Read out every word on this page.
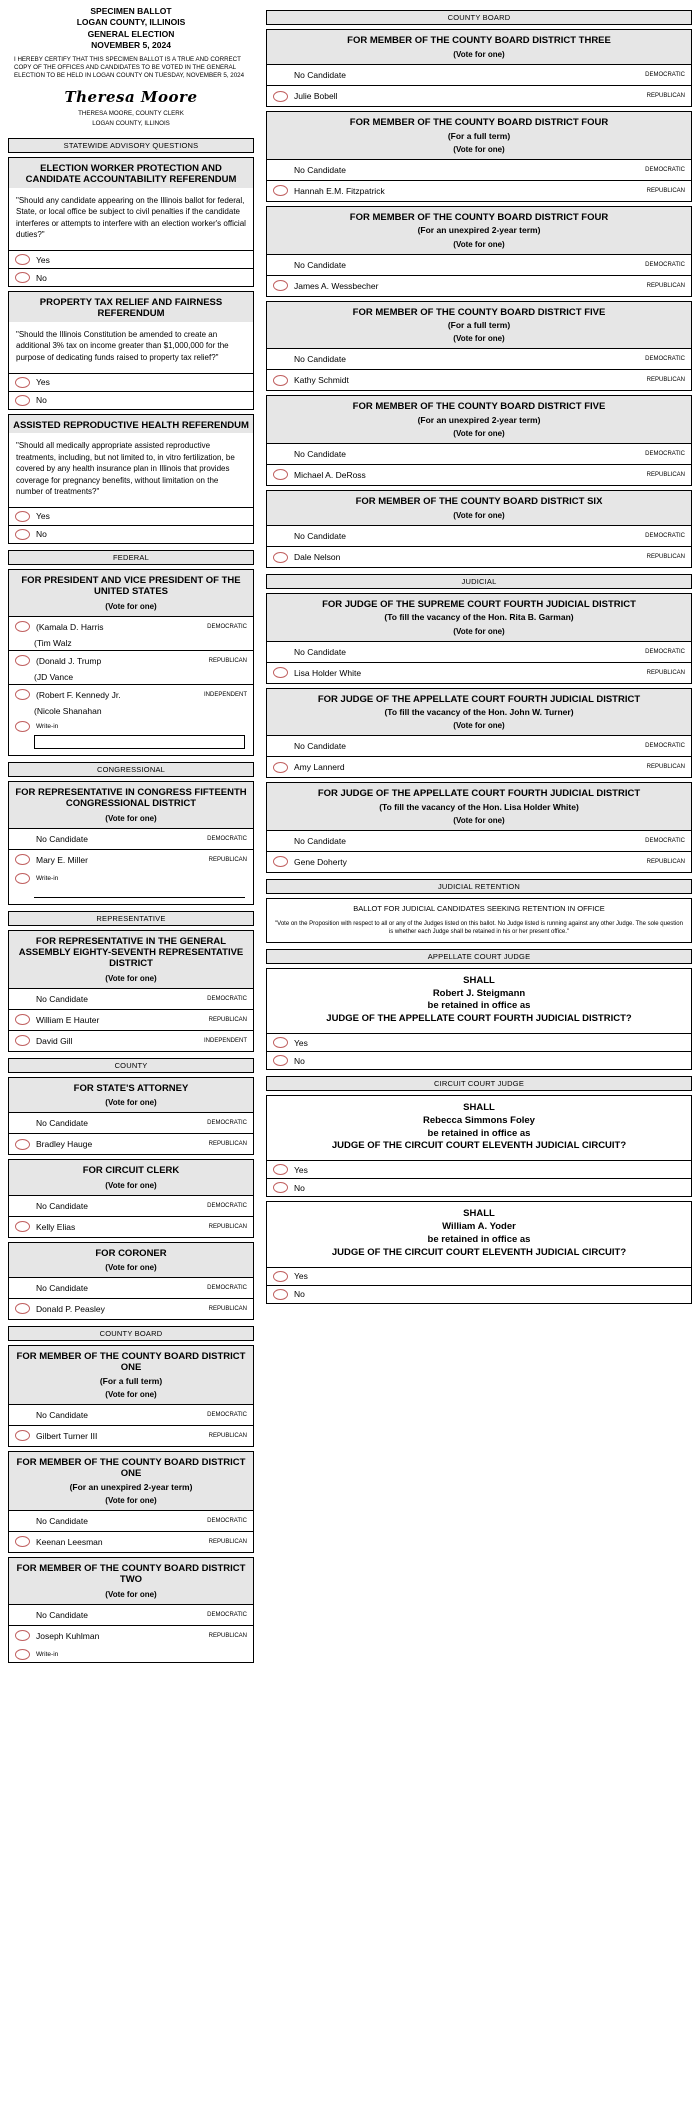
SPECIMEN BALLOT
LOGAN COUNTY, ILLINOIS
GENERAL ELECTION
NOVEMBER 5, 2024
I HEREBY CERTIFY THAT THIS SPECIMEN BALLOT IS A TRUE AND CORRECT COPY OF THE OFFICES AND CANDIDATES TO BE VOTED IN THE GENERAL ELECTION TO BE HELD IN LOGAN COUNTY ON TUESDAY, NOVEMBER 5, 2024
Theresa Moore
THERESA MOORE, COUNTY CLERK
LOGAN COUNTY, ILLINOIS
STATEWIDE ADVISORY QUESTIONS
ELECTION WORKER PROTECTION AND CANDIDATE ACCOUNTABILITY REFERENDUM
"Should any candidate appearing on the Illinois ballot for federal, State, or local office be subject to civil penalties if the candidate interferes or attempts to interfere with an election worker's official duties?"
Yes
No
PROPERTY TAX RELIEF AND FAIRNESS REFERENDUM
"Should the Illinois Constitution be amended to create an additional 3% tax on income greater than $1,000,000 for the purpose of dedicating funds raised to property tax relief?"
Yes
No
ASSISTED REPRODUCTIVE HEALTH REFERENDUM
"Should all medically appropriate assisted reproductive treatments, including, but not limited to, in vitro fertilization, be covered by any health insurance plan in Illinois that provides coverage for pregnancy benefits, without limitation on the number of treatments?"
Yes
No
FEDERAL
FOR PRESIDENT AND VICE PRESIDENT OF THE UNITED STATES
(Vote for one)
(Kamala D. Harris	DEMOCRATIC
(Tim Walz
(Donald J. Trump	REPUBLICAN
(JD Vance
(Robert F. Kennedy Jr.	INDEPENDENT
(Nicole Shanahan
Write-in
CONGRESSIONAL
FOR REPRESENTATIVE IN CONGRESS FIFTEENTH CONGRESSIONAL DISTRICT
(Vote for one)
No Candidate	DEMOCRATIC
Mary E. Miller	REPUBLICAN
Write-in
REPRESENTATIVE
FOR REPRESENTATIVE IN THE GENERAL ASSEMBLY EIGHTY-SEVENTH REPRESENTATIVE DISTRICT
(Vote for one)
No Candidate	DEMOCRATIC
William E Hauter	REPUBLICAN
David Gill	INDEPENDENT
COUNTY
FOR STATE'S ATTORNEY
(Vote for one)
No Candidate	DEMOCRATIC
Bradley Hauge	REPUBLICAN
FOR CIRCUIT CLERK
(Vote for one)
No Candidate	DEMOCRATIC
Kelly Elias	REPUBLICAN
FOR CORONER
(Vote for one)
No Candidate	DEMOCRATIC
Donald P. Peasley	REPUBLICAN
COUNTY BOARD
FOR MEMBER OF THE COUNTY BOARD DISTRICT ONE
(For a full term)
(Vote for one)
No Candidate	DEMOCRATIC
Gilbert Turner III	REPUBLICAN
FOR MEMBER OF THE COUNTY BOARD DISTRICT ONE
(For an unexpired 2-year term)
(Vote for one)
No Candidate	DEMOCRATIC
Keenan Leesman	REPUBLICAN
FOR MEMBER OF THE COUNTY BOARD DISTRICT TWO
(Vote for one)
No Candidate	DEMOCRATIC
Joseph Kuhlman	REPUBLICAN
Write-in
COUNTY BOARD
FOR MEMBER OF THE COUNTY BOARD DISTRICT THREE
(Vote for one)
No Candidate	DEMOCRATIC
Julie Bobell	REPUBLICAN
FOR MEMBER OF THE COUNTY BOARD DISTRICT FOUR
(For a full term)
(Vote for one)
No Candidate	DEMOCRATIC
Hannah E.M. Fitzpatrick	REPUBLICAN
FOR MEMBER OF THE COUNTY BOARD DISTRICT FOUR
(For an unexpired 2-year term)
(Vote for one)
No Candidate	DEMOCRATIC
James A. Wessbecher	REPUBLICAN
FOR MEMBER OF THE COUNTY BOARD DISTRICT FIVE
(For a full term)
(Vote for one)
No Candidate	DEMOCRATIC
Kathy Schmidt	REPUBLICAN
FOR MEMBER OF THE COUNTY BOARD DISTRICT FIVE
(For an unexpired 2-year term)
(Vote for one)
No Candidate	DEMOCRATIC
Michael A. DeRoss	REPUBLICAN
FOR MEMBER OF THE COUNTY BOARD DISTRICT SIX
(Vote for one)
No Candidate	DEMOCRATIC
Dale Nelson	REPUBLICAN
JUDICIAL
FOR JUDGE OF THE SUPREME COURT FOURTH JUDICIAL DISTRICT
(To fill the vacancy of the Hon. Rita B. Garman)
(Vote for one)
No Candidate	DEMOCRATIC
Lisa Holder White	REPUBLICAN
FOR JUDGE OF THE APPELLATE COURT FOURTH JUDICIAL DISTRICT
(To fill the vacancy of the Hon. John W. Turner)
(Vote for one)
No Candidate	DEMOCRATIC
Amy Lannerd	REPUBLICAN
FOR JUDGE OF THE APPELLATE COURT FOURTH JUDICIAL DISTRICT
(To fill the vacancy of the Hon. Lisa Holder White)
(Vote for one)
No Candidate	DEMOCRATIC
Gene Doherty	REPUBLICAN
JUDICIAL RETENTION
BALLOT FOR JUDICIAL CANDIDATES SEEKING RETENTION IN OFFICE
"Vote on the Proposition with respect to all or any of the Judges listed on this ballot. No Judge listed is running against any other Judge. The sole question is whether each Judge shall be retained in his or her present office."
APPELLATE COURT JUDGE
SHALL
Robert J. Steigmann
be retained in office as
JUDGE OF THE APPELLATE COURT FOURTH JUDICIAL DISTRICT?
Yes
No
CIRCUIT COURT JUDGE
SHALL
Rebecca Simmons Foley
be retained in office as
JUDGE OF THE CIRCUIT COURT ELEVENTH JUDICIAL CIRCUIT?
Yes
No
SHALL
William A. Yoder
be retained in office as
JUDGE OF THE CIRCUIT COURT ELEVENTH JUDICIAL CIRCUIT?
Yes
No
